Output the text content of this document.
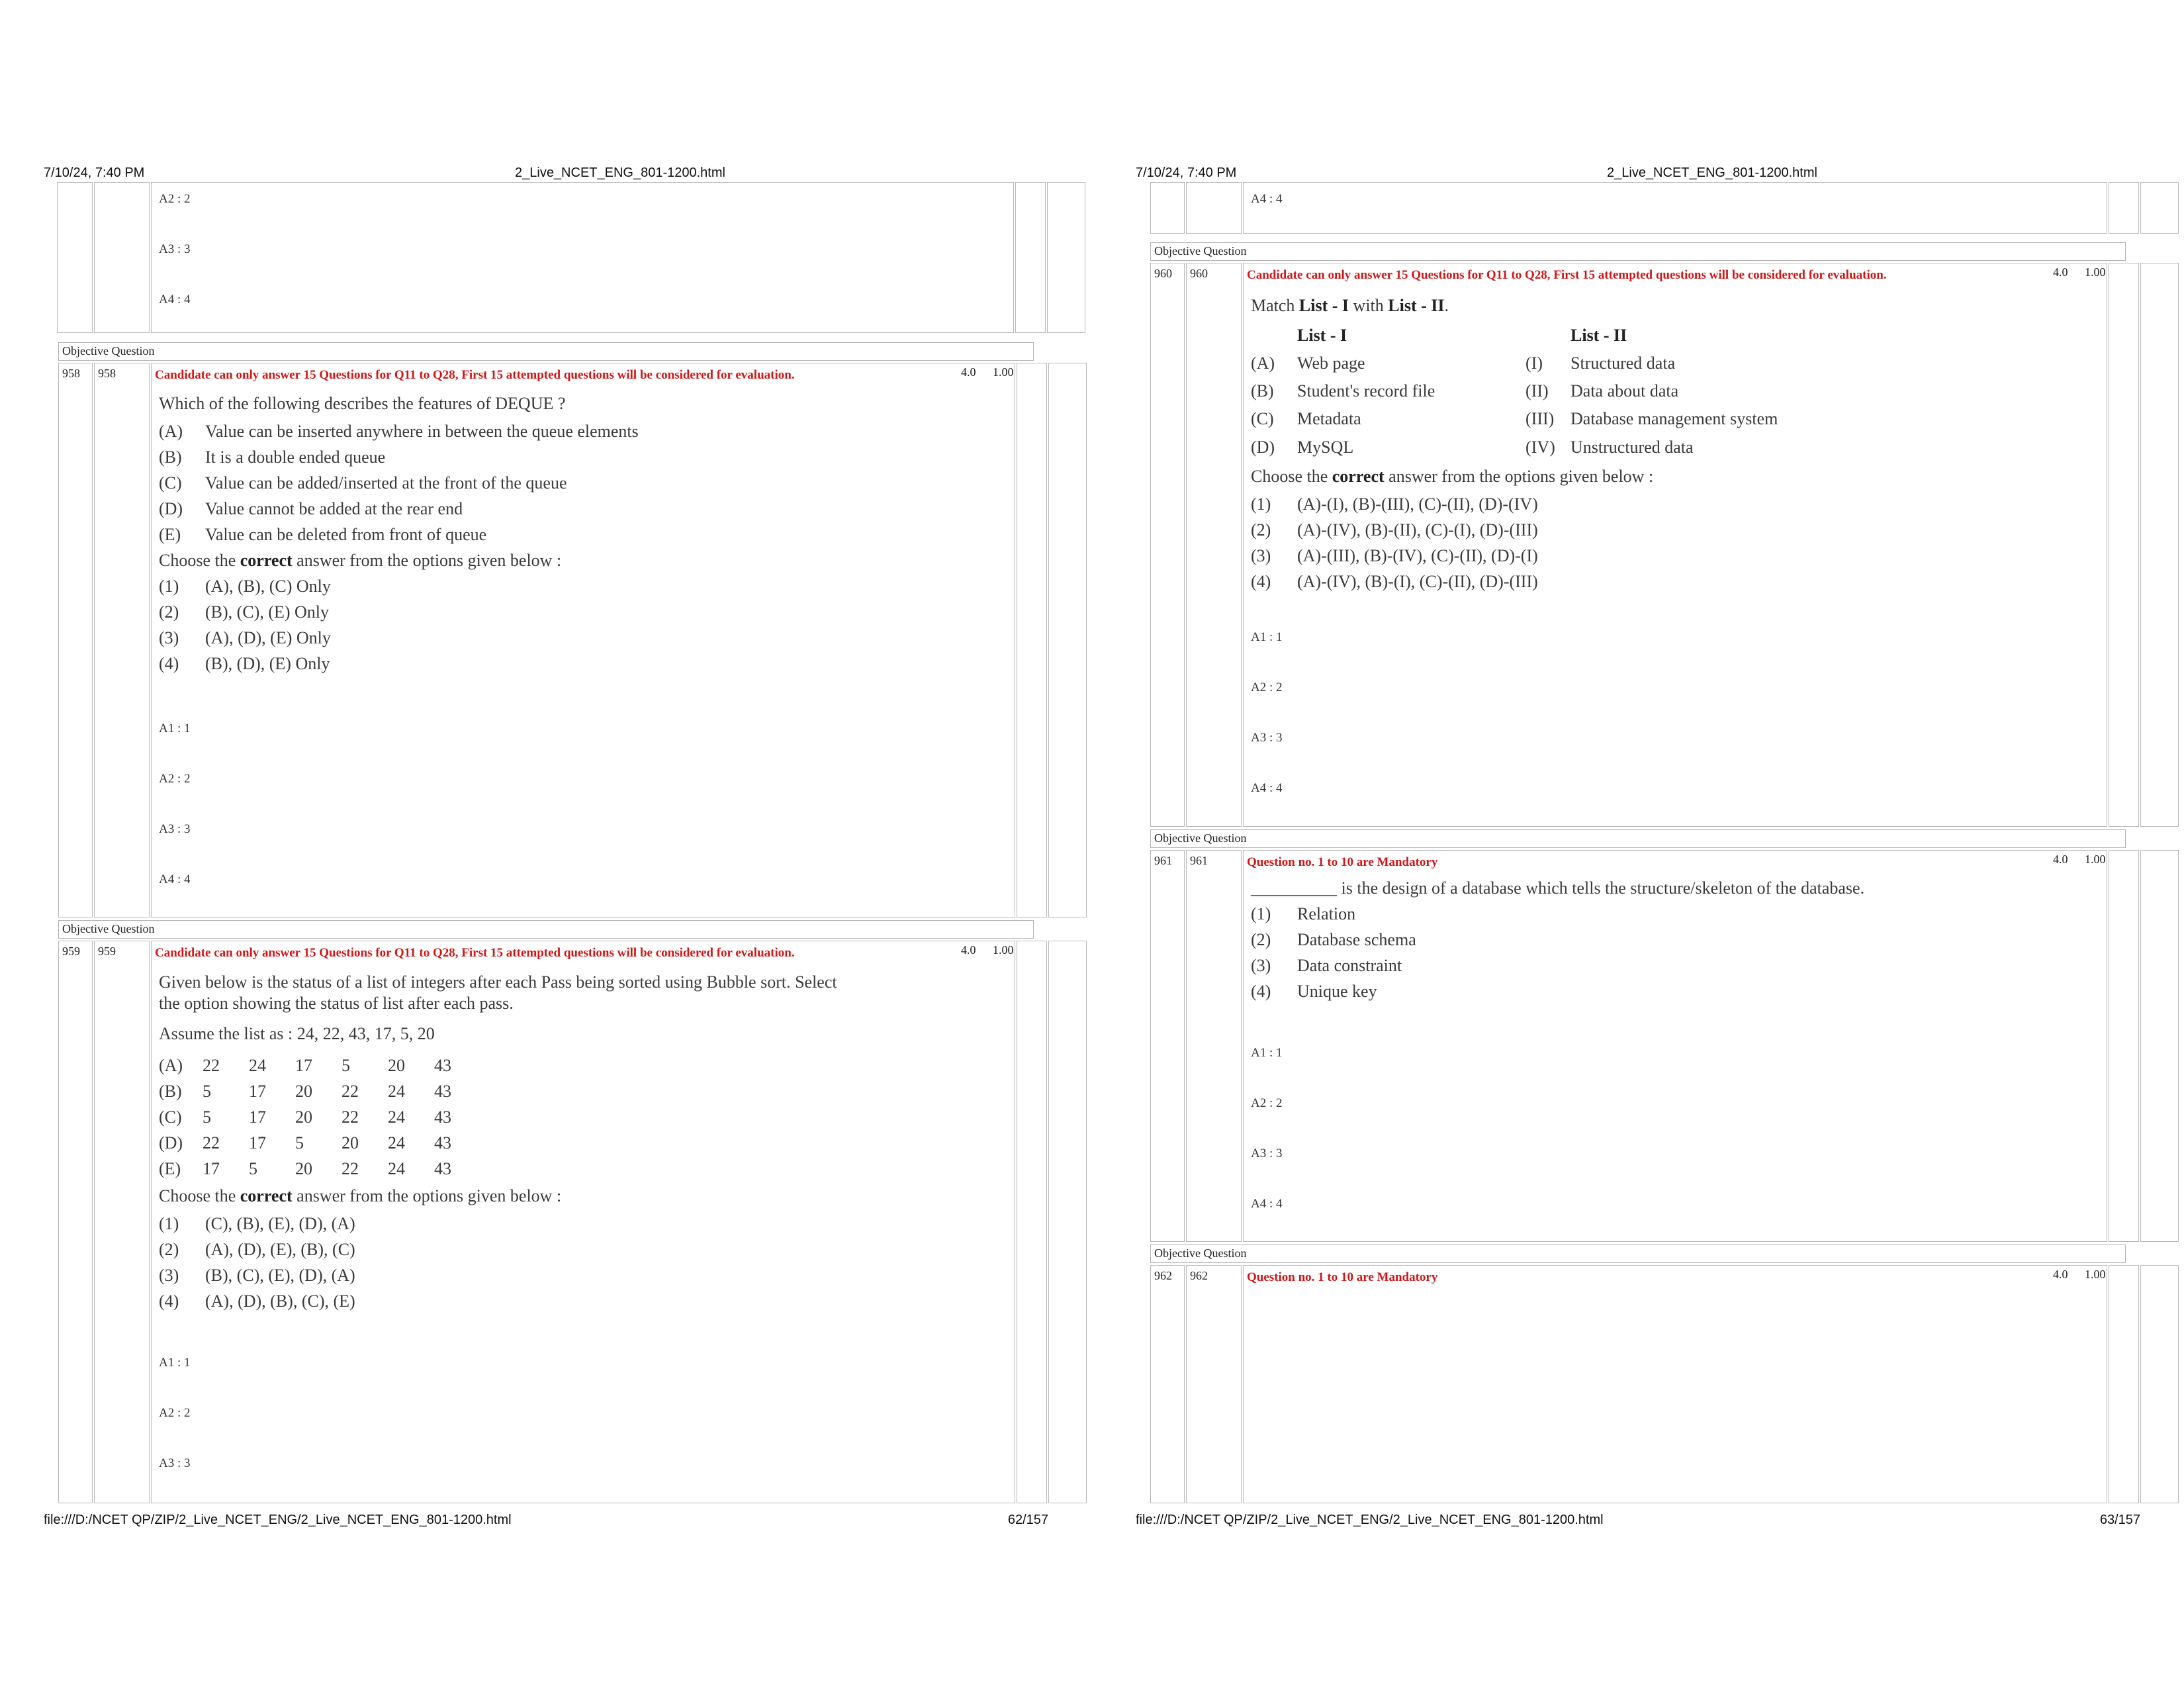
7/10/24, 7:40 PM	2_Live_NCET_ENG_801-1200.html
A2 : 2
A3 : 3
A4 : 4
Objective Question
958 958	Candidate can only answer 15 Questions for Q11 to Q28, First 15 attempted questions will be considered for evaluation.	4.0 1.00
Which of the following describes the features of DEQUE ?
(A) Value can be inserted anywhere in between the queue elements
(B) It is a double ended queue
(C) Value can be added/inserted at the front of the queue
(D) Value cannot be added at the rear end
(E) Value can be deleted from front of queue
Choose the correct answer from the options given below :
(1) (A), (B), (C) Only
(2) (B), (C), (E) Only
(3) (A), (D), (E) Only
(4) (B), (D), (E) Only
A1 : 1
A2 : 2
A3 : 3
A4 : 4
Objective Question
959 959	Candidate can only answer 15 Questions for Q11 to Q28, First 15 attempted questions will be considered for evaluation.	4.0 1.00
Given below is the status of a list of integers after each Pass being sorted using Bubble sort. Select
the option showing the status of list after each pass.
Assume the list as : 24, 22, 43, 17, 5, 20
(A) 22 24 17 5 20 43
(B) 5 17 20 22 24 43
(C) 5 17 20 22 24 43
(D) 22 17 5 20 24 43
(E) 17 5 20 22 24 43
Choose the correct answer from the options given below :
(1) (C), (B), (E), (D), (A)
(2) (A), (D), (E), (B), (C)
(3) (B), (C), (E), (D), (A)
(4) (A), (D), (B), (C), (E)
A1 : 1
A2 : 2
A3 : 3
file:///D:/NCET QP/ZIP/2_Live_NCET_ENG/2_Live_NCET_ENG_801-1200.html	62/157
7/10/24, 7:40 PM	2_Live_NCET_ENG_801-1200.html
A4 : 4
Objective Question
960 960	Candidate can only answer 15 Questions for Q11 to Q28, First 15 attempted questions will be considered for evaluation.	4.0 1.00
Match List - I with List - II.
List - I	List - II
(A) Web page	(I) Structured data
(B) Student's record file	(II) Data about data
(C) Metadata	(III) Database management system
(D) MySQL	(IV) Unstructured data
Choose the correct answer from the options given below :
(1) (A)-(I), (B)-(III), (C)-(II), (D)-(IV)
(2) (A)-(IV), (B)-(II), (C)-(I), (D)-(III)
(3) (A)-(III), (B)-(IV), (C)-(II), (D)-(I)
(4) (A)-(IV), (B)-(I), (C)-(II), (D)-(III)
A1 : 1
A2 : 2
A3 : 3
A4 : 4
Objective Question
961 961	Question no. 1 to 10 are Mandatory	4.0 1.00
__________ is the design of a database which tells the structure/skeleton of the database.
(1) Relation
(2) Database schema
(3) Data constraint
(4) Unique key
A1 : 1
A2 : 2
A3 : 3
A4 : 4
Objective Question
962 962	Question no. 1 to 10 are Mandatory	4.0 1.00
file:///D:/NCET QP/ZIP/2_Live_NCET_ENG/2_Live_NCET_ENG_801-1200.html	63/157
